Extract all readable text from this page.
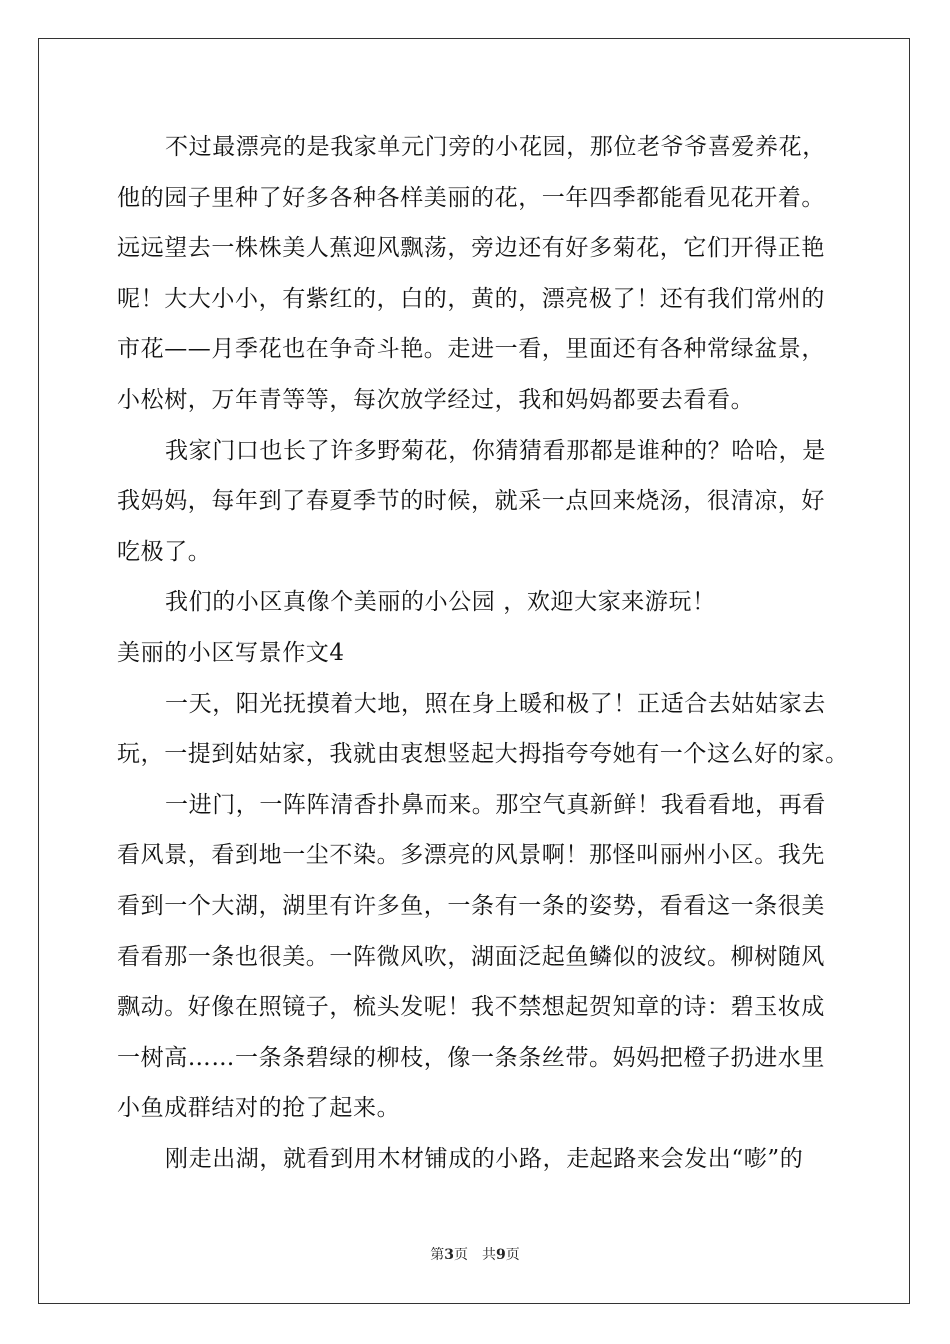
不过最漂亮的是我家单元门旁的小花园，那位老爷爷喜爱养花，
他的园子里种了好多各种各样美丽的花，一年四季都能看见花开着。
远远望去一株株美人蕉迎风飘荡，旁边还有好多菊花，它们开得正艳
呢！大大小小，有紫红的，白的，黄的，漂亮极了！还有我们常州的
市花——月季花也在争奇斗艳。走进一看，里面还有各种常绿盆景，
小松树，万年青等等，每次放学经过，我和妈妈都要去看看。
我家门口也长了许多野菊花，你猜猜看那都是谁种的？哈哈，是
我妈妈，每年到了春夏季节的时候，就采一点回来烧汤，很清凉，好
吃极了。
我们的小区真像个美丽的小公园 ，欢迎大家来游玩！
美丽的小区写景作文4
一天，阳光抚摸着大地，照在身上暖和极了！正适合去姑姑家去
玩，一提到姑姑家，我就由衷想竖起大拇指夸夸她有一个这么好的家。
一进门，一阵阵清香扑鼻而来。那空气真新鲜！我看看地，再看
看风景，看到地一尘不染。多漂亮的风景啊！那怪叫丽州小区。我先
看到一个大湖，湖里有许多鱼，一条有一条的姿势，看看这一条很美
看看那一条也很美。一阵微风吹，湖面泛起鱼鳞似的波纹。柳树随风
飘动。好像在照镜子，梳头发呢！我不禁想起贺知章的诗：碧玉妆成
一树高……一条条碧绿的柳枝，像一条条丝带。妈妈把橙子扔进水里
小鱼成群结对的抢了起来。
刚走出湖，就看到用木材铺成的小路，走起路来会发出“嘭”的
第3页 共9页
